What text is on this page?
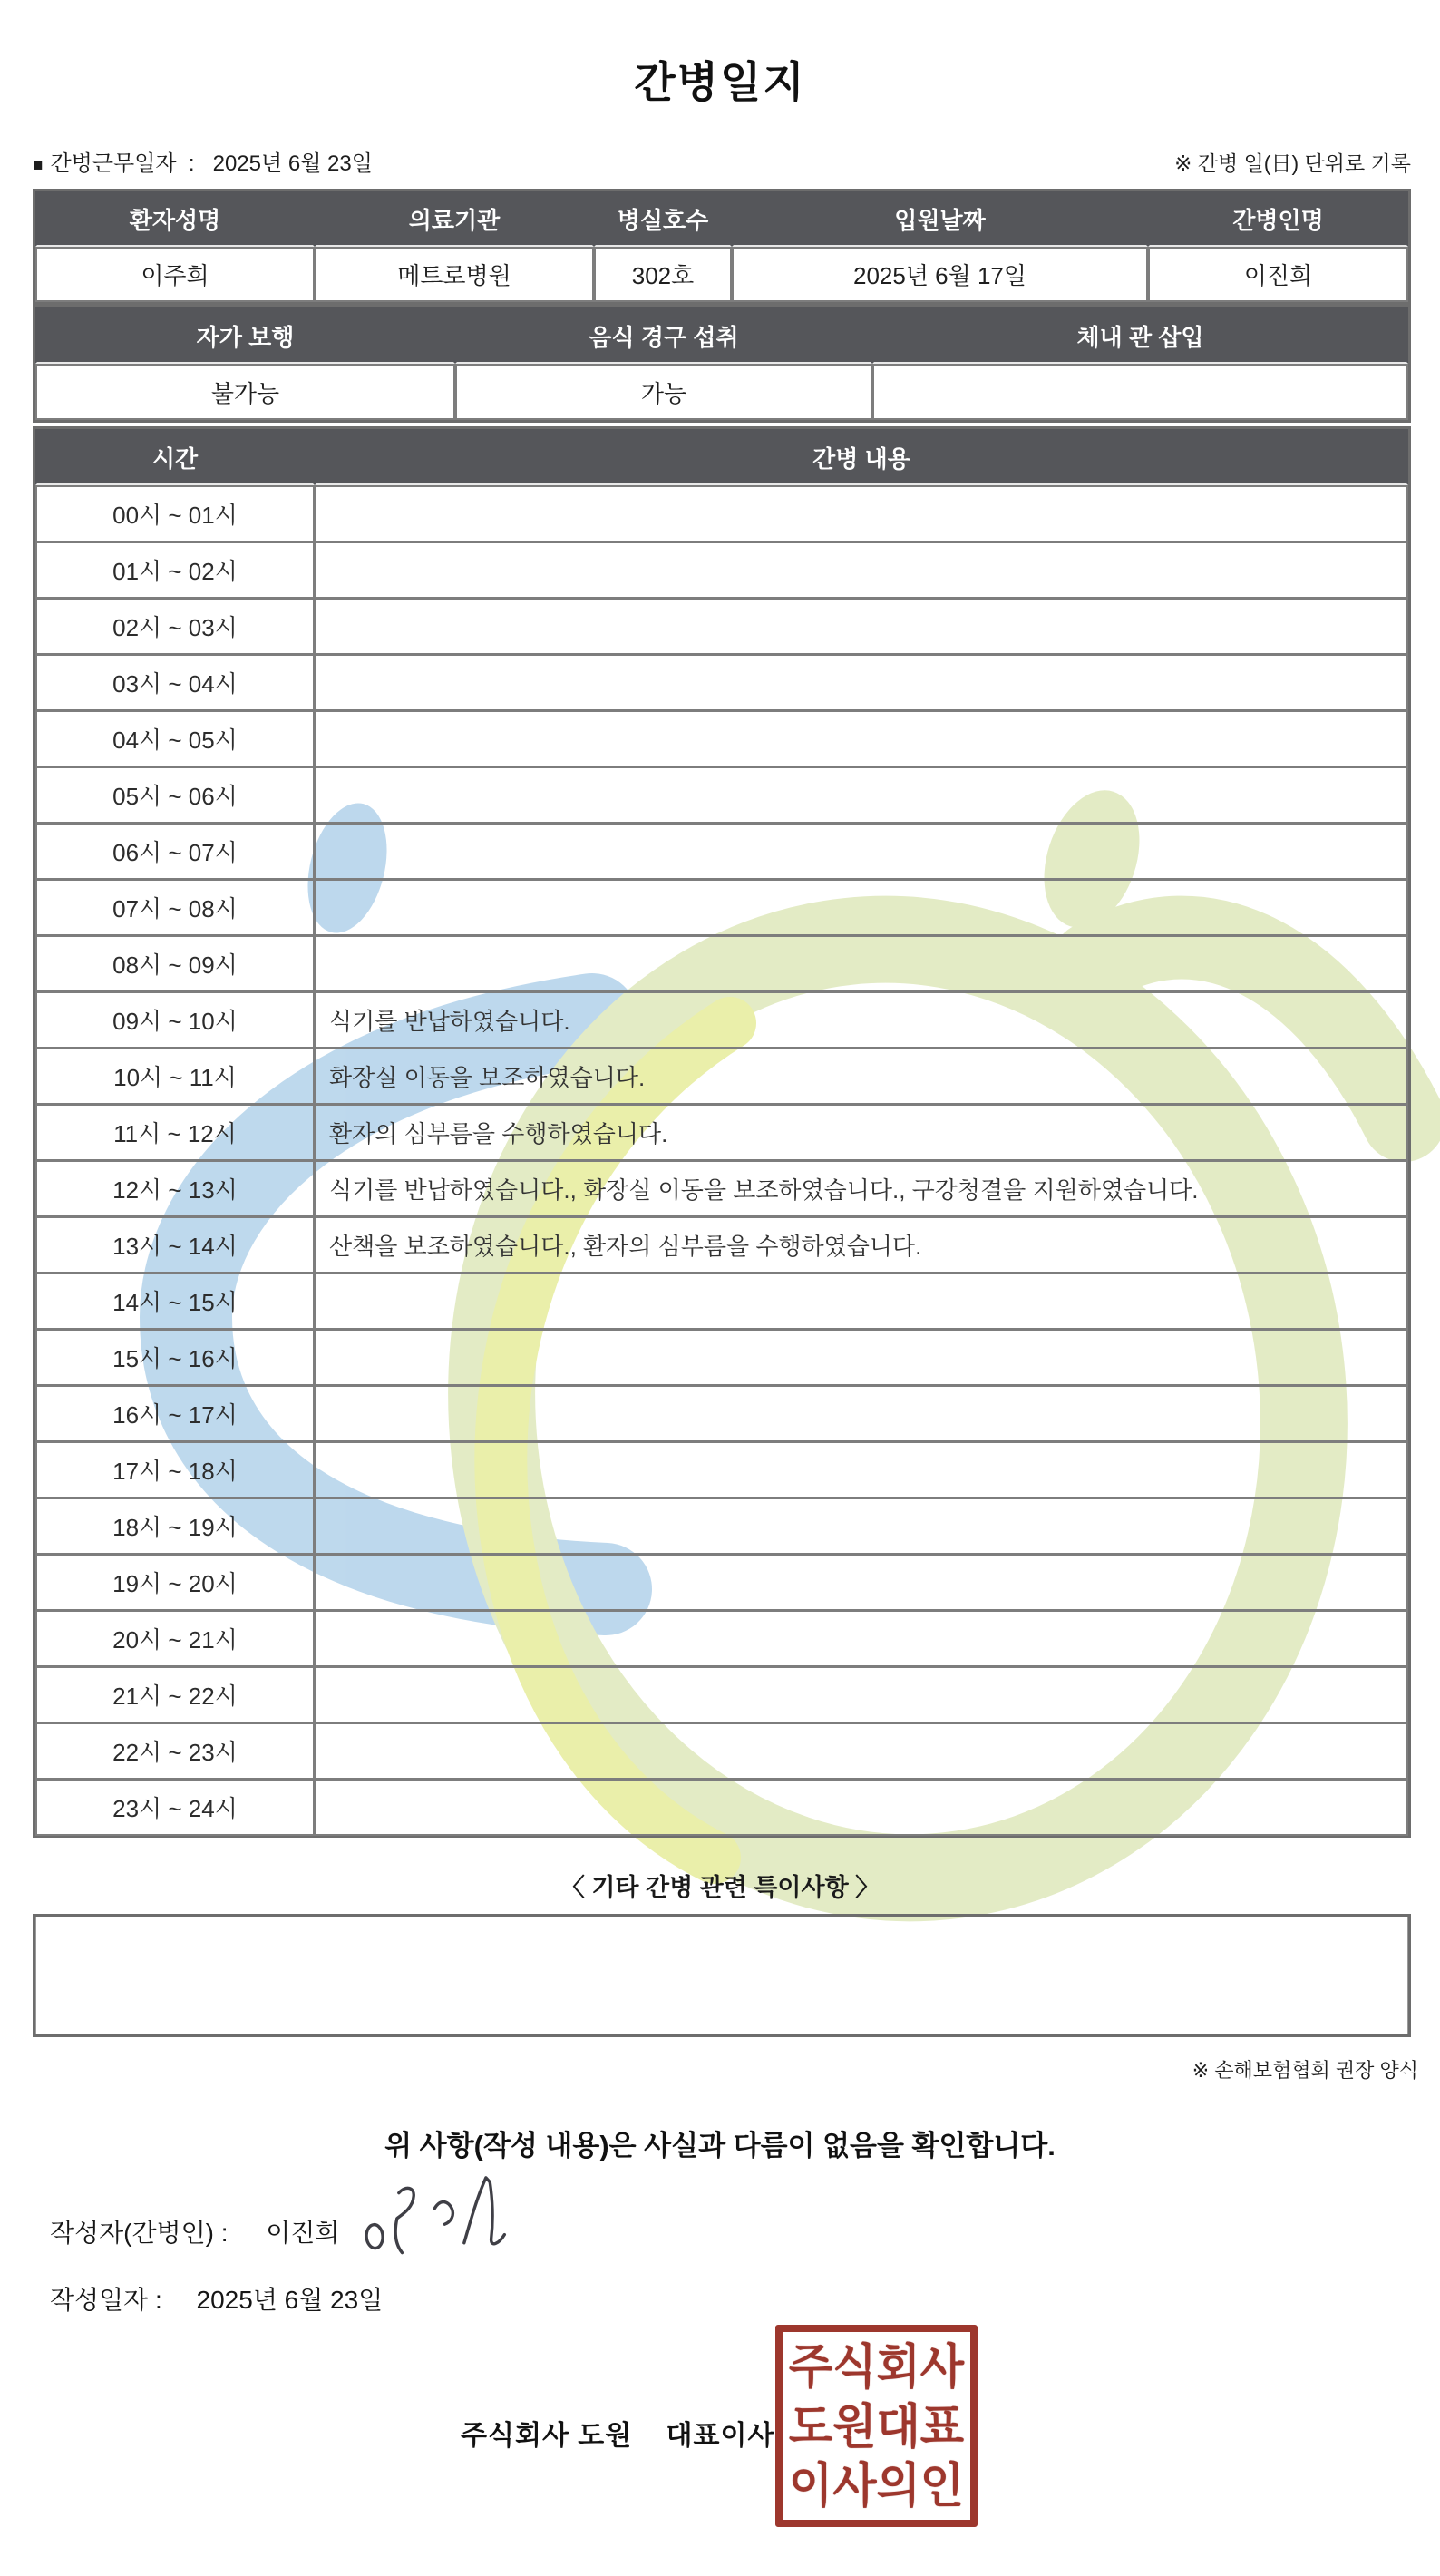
간병일지
■ 간병근무일자  :   2025년 6월 23일	※ 간병 일(日) 단위로 기록
환자성명	의료기관	병실호수	입원날짜	간병인명
이주희	메트로병원	302호	2025년 6월 17일	이진희
자가 보행	음식 경구 섭취	체내 관 삽입
불가능	가능
시간	간병 내용
00시 ~ 01시
01시 ~ 02시
02시 ~ 03시
03시 ~ 04시
04시 ~ 05시
05시 ~ 06시
06시 ~ 07시
07시 ~ 08시
08시 ~ 09시
09시 ~ 10시	식기를 반납하였습니다.
10시 ~ 11시	화장실 이동을 보조하였습니다.
11시 ~ 12시	환자의 심부름을 수행하였습니다.
12시 ~ 13시	식기를 반납하였습니다., 화장실 이동을 보조하였습니다., 구강청결을 지원하였습니다.
13시 ~ 14시	산책을 보조하였습니다., 환자의 심부름을 수행하였습니다.
14시 ~ 15시
15시 ~ 16시
16시 ~ 17시
17시 ~ 18시
18시 ~ 19시
19시 ~ 20시
20시 ~ 21시
21시 ~ 22시
22시 ~ 23시
23시 ~ 24시
〈 기타 간병 관련 특이사항 〉
※ 손해보험협회 권장 양식
위 사항(작성 내용)은 사실과 다름이 없음을 확인합니다.
작성자(간병인) : 이진희
작성일자 : 2025년 6월 23일
주식회사 도원    대표이사
주식회사
도원대표
이사의인
